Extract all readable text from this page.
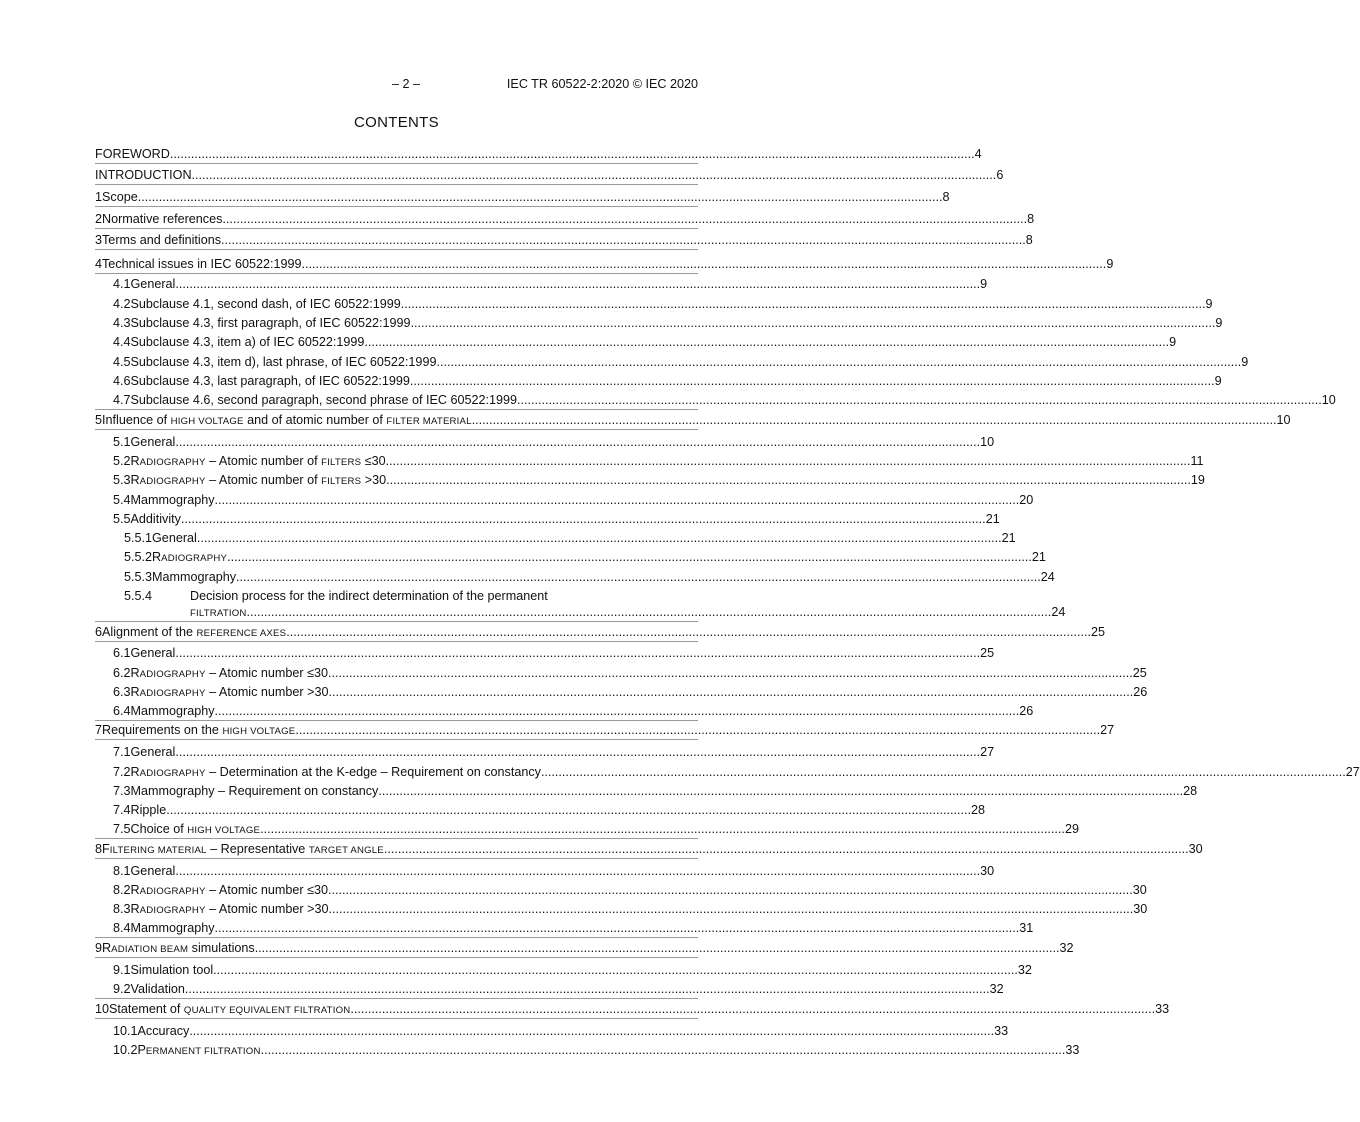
– 2 –	IEC TR 60522-2:2020 © IEC 2020
CONTENTS
FOREWORD .....	4
INTRODUCTION .....	6
1 Scope .....	8
2 Normative references .....	8
3 Terms and definitions .....	8
4 Technical issues in IEC 60522:1999 .....	9
4.1 General .....	9
4.2 Subclause 4.1, second dash, of IEC 60522:1999 .....	9
4.3 Subclause 4.3, first paragraph, of IEC 60522:1999 .....	9
4.4 Subclause 4.3, item a) of IEC 60522:1999 .....	9
4.5 Subclause 4.3, item d), last phrase, of IEC 60522:1999 .....	9
4.6 Subclause 4.3, last paragraph, of IEC 60522:1999 .....	9
4.7 Subclause 4.6, second paragraph, second phrase of IEC 60522:1999 .....	10
5 Influence of HIGH VOLTAGE and of atomic number of FILTER MATERIAL .....	10
5.1 General .....	10
5.2 RADIOGRAPHY – Atomic number of FILTERS ≤30 .....	11
5.3 RADIOGRAPHY – Atomic number of FILTERS >30 .....	19
5.4 Mammography .....	20
5.5 Additivity .....	21
5.5.1 General .....	21
5.5.2 RADIOGRAPHY .....	21
5.5.3 Mammography .....	24
5.5.4	Decision process for the indirect determination of the permanent
FILTRATION .....	24
6 Alignment of the REFERENCE AXES .....	25
6.1 General .....	25
6.2 RADIOGRAPHY – Atomic number ≤30 .....	25
6.3 RADIOGRAPHY – Atomic number >30 .....	26
6.4 Mammography .....	26
7 Requirements on the HIGH VOLTAGE .....	27
7.1 General .....	27
7.2 RADIOGRAPHY – Determination at the K-edge – Requirement on constancy .....	27
7.3 Mammography – Requirement on constancy .....	28
7.4 Ripple .....	28
7.5 Choice of HIGH VOLTAGE .....	29
8 FILTERING MATERIAL – Representative TARGET ANGLE .....	30
8.1 General .....	30
8.2 RADIOGRAPHY – Atomic number ≤30 .....	30
8.3 RADIOGRAPHY – Atomic number >30 .....	30
8.4 Mammography .....	31
9 RADIATION BEAM simulations .....	32
9.1 Simulation tool .....	32
9.2 Validation .....	32
10 Statement of QUALITY EQUIVALENT FILTRATION .....	33
10.1 Accuracy .....	33
10.2 PERMANENT FILTRATION .....	33
